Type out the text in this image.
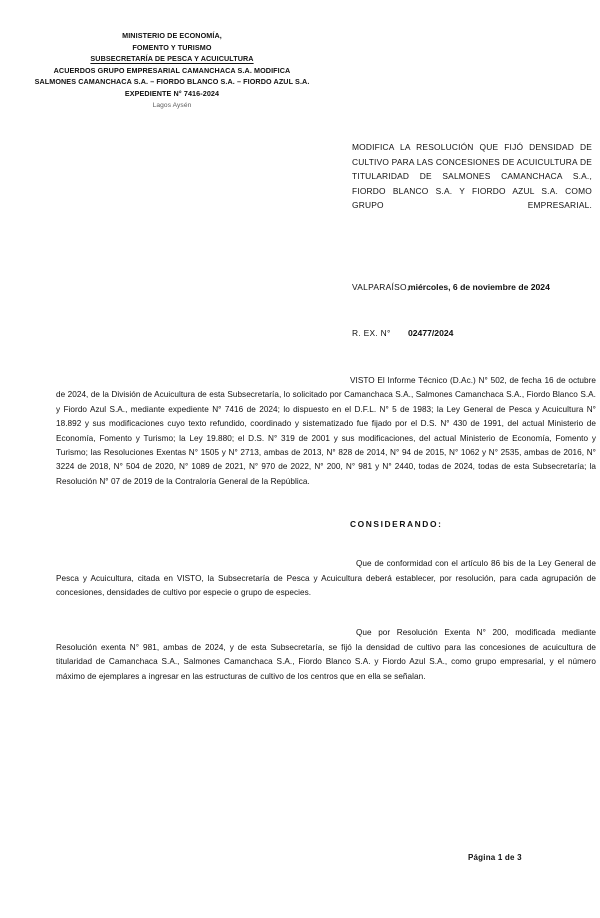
MINISTERIO DE ECONOMÍA,
FOMENTO Y TURISMO
SUBSECRETARÍA DE PESCA Y ACUICULTURA
ACUERDOS GRUPO EMPRESARIAL CAMANCHACA S.A. MODIFICA
SALMONES CAMANCHACA S.A. – FIORDO BLANCO S.A. – FIORDO AZUL S.A.
EXPEDIENTE N° 7416-2024
Lagos Aysén
MODIFICA LA RESOLUCIÓN QUE FIJÓ DENSIDAD DE CULTIVO PARA LAS CONCESIONES DE ACUICULTURA DE TITULARIDAD DE SALMONES CAMANCHACA S.A., FIORDO BLANCO S.A. Y FIORDO AZUL S.A. COMO GRUPO EMPRESARIAL.
VALPARAÍSO,
miércoles, 6 de noviembre de 2024
R. EX. N°	02477/2024

VISTO El Informe Técnico (D.Ac.) N° 502, de fecha 16 de octubre de 2024, de la División de Acuicultura de esta Subsecretaría, lo solicitado por Camanchaca S.A., Salmones Camanchaca S.A., Fiordo Blanco S.A. y Fiordo Azul S.A., mediante expediente N° 7416 de 2024; lo dispuesto en el D.F.L. N° 5 de 1983; la Ley General de Pesca y Acuicultura N° 18.892 y sus modificaciones cuyo texto refundido, coordinado y sistematizado fue fijado por el D.S. N° 430 de 1991, del actual Ministerio de Economía, Fomento y Turismo; la Ley 19.880; el D.S. N° 319 de 2001 y sus modificaciones, del actual Ministerio de Economía, Fomento y Turismo; las Resoluciones Exentas N° 1505 y N° 2713, ambas de 2013, N° 828 de 2014, N° 94 de 2015, N° 1062 y N° 2535, ambas de 2016, N° 3224 de 2018, N° 504 de 2020, N° 1089 de 2021, N° 970 de 2022, N° 200, N° 981 y N° 2440, todas de 2024, todas de esta Subsecretaría; la Resolución N° 07 de 2019 de la Contraloría General de la República.

CONSIDERANDO:

Que de conformidad con el artículo 86 bis de la Ley General de Pesca y Acuicultura, citada en VISTO, la Subsecretaría de Pesca y Acuicultura deberá establecer, por resolución, para cada agrupación de concesiones, densidades de cultivo por especie o grupo de especies.

Que por Resolución Exenta N° 200, modificada mediante Resolución exenta N° 981, ambas de 2024, y de esta Subsecretaría, se fijó la densidad de cultivo para las concesiones de acuicultura de titularidad de Camanchaca S.A., Salmones Camanchaca S.A., Fiordo Blanco S.A. y Fiordo Azul S.A., como grupo empresarial, y el número máximo de ejemplares a ingresar en las estructuras de cultivo de los centros que en ella se señalan.

Página 1 de 3
